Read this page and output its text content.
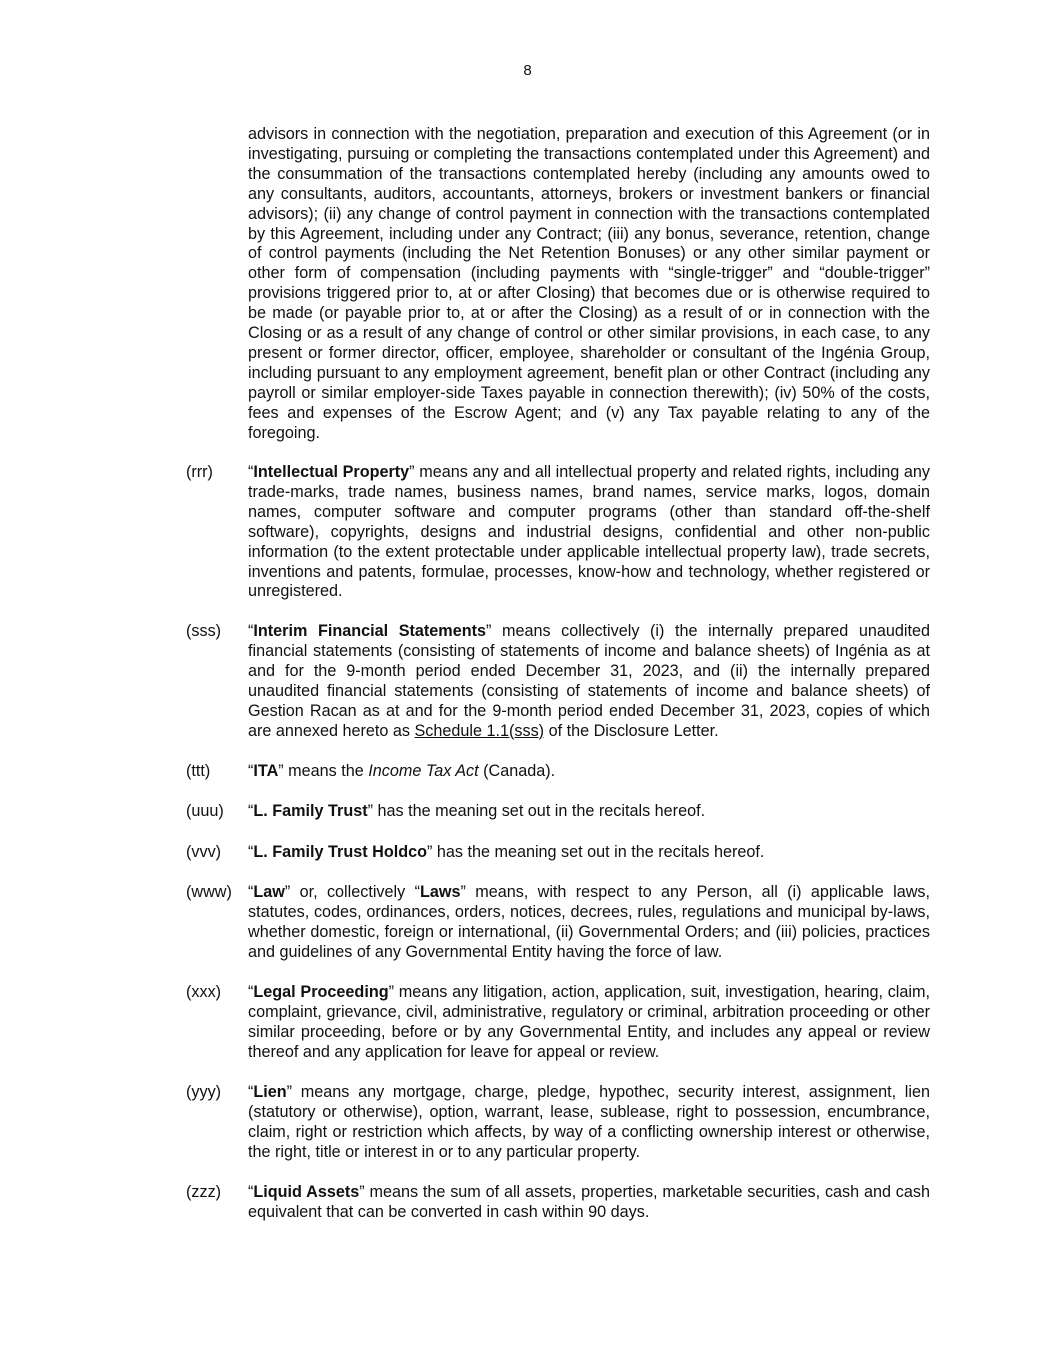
8
advisors in connection with the negotiation, preparation and execution of this Agreement (or in investigating, pursuing or completing the transactions contemplated under this Agreement) and the consummation of the transactions contemplated hereby (including any amounts owed to any consultants, auditors, accountants, attorneys, brokers or investment bankers or financial advisors); (ii) any change of control payment in connection with the transactions contemplated by this Agreement, including under any Contract; (iii) any bonus, severance, retention, change of control payments (including the Net Retention Bonuses) or any other similar payment or other form of compensation (including payments with “single-trigger” and “double-trigger” provisions triggered prior to, at or after Closing) that becomes due or is otherwise required to be made (or payable prior to, at or after the Closing) as a result of or in connection with the Closing or as a result of any change of control or other similar provisions, in each case, to any present or former director, officer, employee, shareholder or consultant of the Ingénia Group, including pursuant to any employment agreement, benefit plan or other Contract (including any payroll or similar employer-side Taxes payable in connection therewith); (iv) 50% of the costs, fees and expenses of the Escrow Agent; and (v) any Tax payable relating to any of the foregoing.
(rrr)	“Intellectual Property” means any and all intellectual property and related rights, including any trade-marks, trade names, business names, brand names, service marks, logos, domain names, computer software and computer programs (other than standard off-the-shelf software), copyrights, designs and industrial designs, confidential and other non-public information (to the extent protectable under applicable intellectual property law), trade secrets, inventions and patents, formulae, processes, know-how and technology, whether registered or unregistered.

(sss)	“Interim Financial Statements” means collectively (i) the internally prepared unaudited financial statements (consisting of statements of income and balance sheets) of Ingénia as at and for the 9-month period ended December 31, 2023, and (ii) the internally prepared unaudited financial statements (consisting of statements of income and balance sheets) of Gestion Racan as at and for the 9-month period ended December 31, 2023, copies of which are annexed hereto as Schedule 1.1(sss) of the Disclosure Letter.

(ttt)	“ITA” means the Income Tax Act (Canada).

(uuu)	“L. Family Trust” has the meaning set out in the recitals hereof.

(vvv)	“L. Family Trust Holdco” has the meaning set out in the recitals hereof.

(www) “Law” or, collectively “Laws” means, with respect to any Person, all (i) applicable laws, statutes, codes, ordinances, orders, notices, decrees, rules, regulations and municipal by-laws, whether domestic, foreign or international, (ii) Governmental Orders; and (iii) policies, practices and guidelines of any Governmental Entity having the force of law.

(xxx)	“Legal Proceeding” means any litigation, action, application, suit, investigation, hearing, claim, complaint, grievance, civil, administrative, regulatory or criminal, arbitration proceeding or other similar proceeding, before or by any Governmental Entity, and includes any appeal or review thereof and any application for leave for appeal or review.

(yyy)	“Lien” means any mortgage, charge, pledge, hypothec, security interest, assignment, lien (statutory or otherwise), option, warrant, lease, sublease, right to possession, encumbrance, claim, right or restriction which affects, by way of a conflicting ownership interest or otherwise, the right, title or interest in or to any particular property.

(zzz)	“Liquid Assets” means the sum of all assets, properties, marketable securities, cash and cash equivalent that can be converted in cash within 90 days.
